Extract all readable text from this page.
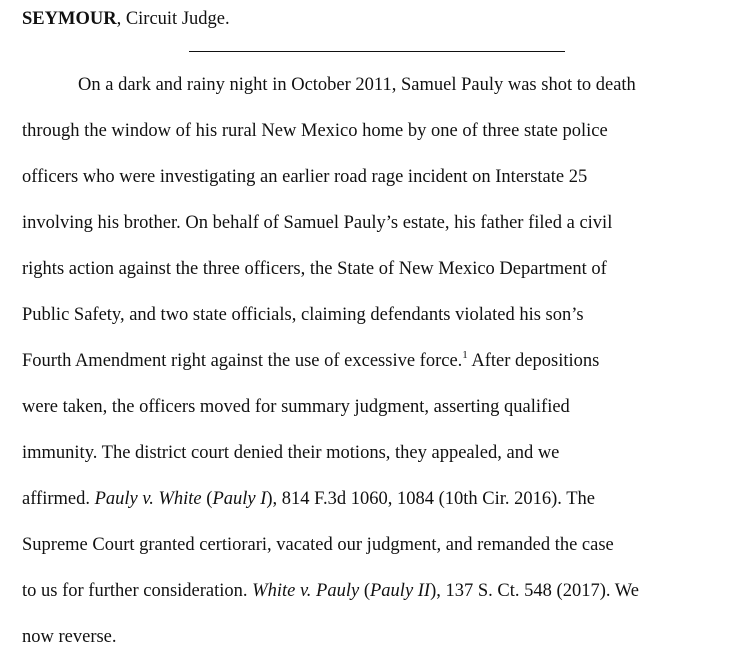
SEYMOUR, Circuit Judge.
On a dark and rainy night in October 2011, Samuel Pauly was shot to death
through the window of his rural New Mexico home by one of three state police
officers who were investigating an earlier road rage incident on Interstate 25
involving his brother. On behalf of Samuel Pauly’s estate, his father filed a civil
rights action against the three officers, the State of New Mexico Department of
Public Safety, and two state officials, claiming defendants violated his son’s
Fourth Amendment right against the use of excessive force.$^1$ After depositions
were taken, the officers moved for summary judgment, asserting qualified
immunity. The district court denied their motions, they appealed, and we
affirmed. Pauly v. White (Pauly I), 814 F.3d 1060, 1084 (10th Cir. 2016). The
Supreme Court granted certiorari, vacated our judgment, and remanded the case
to us for further consideration. White v. Pauly (Pauly II), 137 S. Ct. 548 (2017). We
now reverse.
